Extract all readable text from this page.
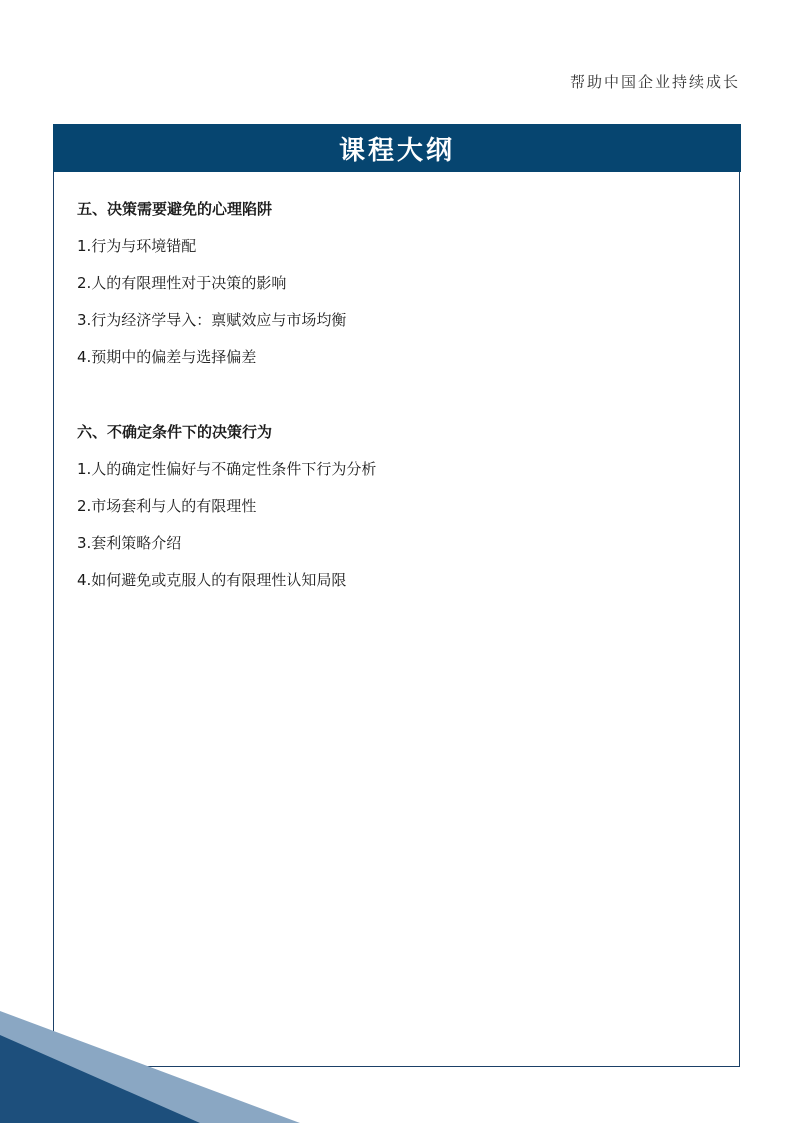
帮助中国企业持续成长
课程大纲
五、决策需要避免的心理陷阱
1.行为与环境错配
2.人的有限理性对于决策的影响
3.行为经济学导入：禀赋效应与市场均衡
4.预期中的偏差与选择偏差
六、不确定条件下的决策行为
1.人的确定性偏好与不确定性条件下行为分析
2.市场套利与人的有限理性
3.套利策略介绍
4.如何避免或克服人的有限理性认知局限
